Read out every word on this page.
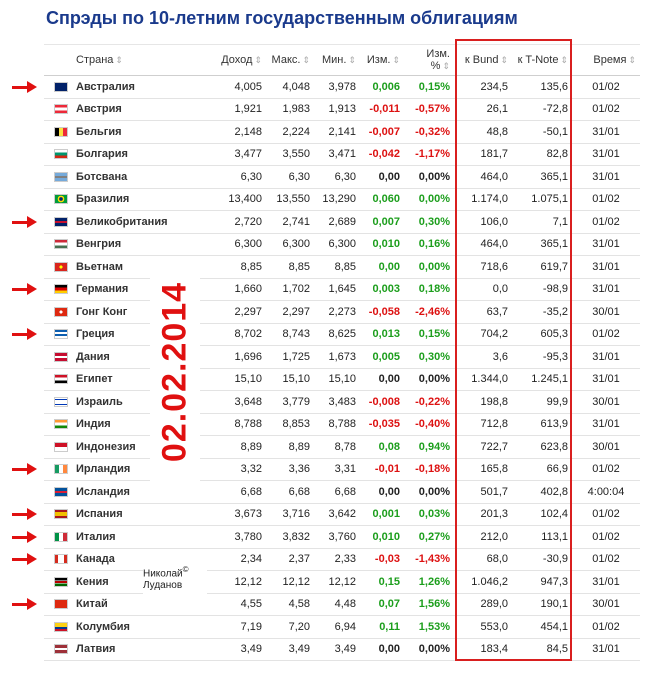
Спрэды по 10-летним государственным облигациям
Страна ⇕	Доход ⇕	Макс. ⇕	Мин. ⇕	Изм. ⇕	Изм. % ⇕	к Bund ⇕	к T-Note ⇕	Время ⇕
Австралия	4,005	4,048	3,978	0,006	0,15%	234,5	135,6	01/02
Австрия	1,921	1,983	1,913	-0,011	-0,57%	26,1	-72,8	01/02
Бельгия	2,148	2,224	2,141	-0,007	-0,32%	48,8	-50,1	31/01
Болгария	3,477	3,550	3,471	-0,042	-1,17%	181,7	82,8	31/01
Ботсвана	6,30	6,30	6,30	0,00	0,00%	464,0	365,1	31/01
Бразилия	13,400	13,550	13,290	0,060	0,00%	1.174,0	1.075,1	01/02
Великобритания	2,720	2,741	2,689	0,007	0,30%	106,0	7,1	01/02
Венгрия	6,300	6,300	6,300	0,010	0,16%	464,0	365,1	31/01
Вьетнам	8,85	8,85	8,85	0,00	0,00%	718,6	619,7	31/01
Германия	1,660	1,702	1,645	0,003	0,18%	0,0	-98,9	31/01
Гонг Конг	2,297	2,297	2,273	-0,058	-2,46%	63,7	-35,2	30/01
Греция	8,702	8,743	8,625	0,013	0,15%	704,2	605,3	01/02
Дания	1,696	1,725	1,673	0,005	0,30%	3,6	-95,3	31/01
Египет	15,10	15,10	15,10	0,00	0,00%	1.344,0	1.245,1	31/01
Израиль	3,648	3,779	3,483	-0,008	-0,22%	198,8	99,9	30/01
Индия	8,788	8,853	8,788	-0,035	-0,40%	712,8	613,9	31/01
Индонезия	8,89	8,89	8,78	0,08	0,94%	722,7	623,8	30/01
Ирландия	3,32	3,36	3,31	-0,01	-0,18%	165,8	66,9	01/02
Исландия	6,68	6,68	6,68	0,00	0,00%	501,7	402,8	4:00:04
Испания	3,673	3,716	3,642	0,001	0,03%	201,3	102,4	01/02
Италия	3,780	3,832	3,760	0,010	0,27%	212,0	113,1	01/02
Канада	2,34	2,37	2,33	-0,03	-1,43%	68,0	-30,9	01/02
Кения	12,12	12,12	12,12	0,15	1,26%	1.046,2	947,3	31/01
Китай	4,55	4,58	4,48	0,07	1,56%	289,0	190,1	30/01
Колумбия	7,19	7,20	6,94	0,11	1,53%	553,0	454,1	01/02
Латвия	3,49	3,49	3,49	0,00	0,00%	183,4	84,5	31/01
02.02.2014
Николай©
Луданов
